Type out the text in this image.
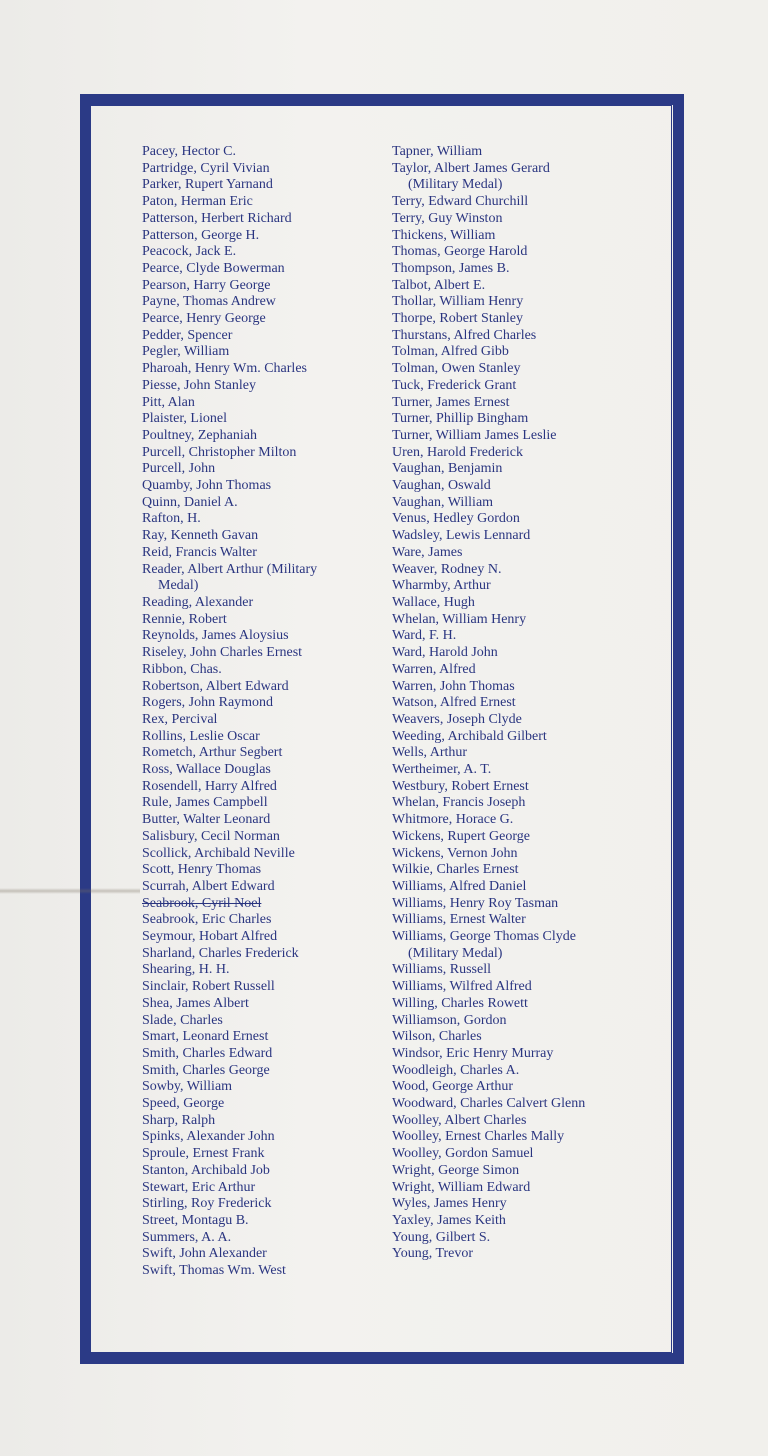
Pacey, Hector C.
Partridge, Cyril Vivian
Parker, Rupert Yarnand
Paton, Herman Eric
Patterson, Herbert Richard
Patterson, George H.
Peacock, Jack E.
Pearce, Clyde Bowerman
Pearson, Harry George
Payne, Thomas Andrew
Pearce, Henry George
Pedder, Spencer
Pegler, William
Pharoah, Henry Wm. Charles
Piesse, John Stanley
Pitt, Alan
Plaister, Lionel
Poultney, Zephaniah
Purcell, Christopher Milton
Purcell, John
Quamby, John Thomas
Quinn, Daniel A.
Rafton, H.
Ray, Kenneth Gavan
Reid, Francis Walter
Reader, Albert Arthur (Military
Medal)
Reading, Alexander
Rennie, Robert
Reynolds, James Aloysius
Riseley, John Charles Ernest
Ribbon, Chas.
Robertson, Albert Edward
Rogers, John Raymond
Rex, Percival
Rollins, Leslie Oscar
Rometch, Arthur Segbert
Ross, Wallace Douglas
Rosendell, Harry Alfred
Rule, James Campbell
Butter, Walter Leonard
Salisbury, Cecil Norman
Scollick, Archibald Neville
Scott, Henry Thomas
Scurrah, Albert Edward
Seabrook, Cyril Noel
Seabrook, Eric Charles
Seymour, Hobart Alfred
Sharland, Charles Frederick
Shearing, H. H.
Sinclair, Robert Russell
Shea, James Albert
Slade, Charles
Smart, Leonard Ernest
Smith, Charles Edward
Smith, Charles George
Sowby, William
Speed, George
Sharp, Ralph
Spinks, Alexander John
Sproule, Ernest Frank
Stanton, Archibald Job
Stewart, Eric Arthur
Stirling, Roy Frederick
Street, Montagu B.
Summers, A. A.
Swift, John Alexander
Swift, Thomas Wm. West
Tapner, William
Taylor, Albert James Gerard
(Military Medal)
Terry, Edward Churchill
Terry, Guy Winston
Thickens, William
Thomas, George Harold
Thompson, James B.
Talbot, Albert E.
Thollar, William Henry
Thorpe, Robert Stanley
Thurstans, Alfred Charles
Tolman, Alfred Gibb
Tolman, Owen Stanley
Tuck, Frederick Grant
Turner, James Ernest
Turner, Phillip Bingham
Turner, William James Leslie
Uren, Harold Frederick
Vaughan, Benjamin
Vaughan, Oswald
Vaughan, William
Venus, Hedley Gordon
Wadsley, Lewis Lennard
Ware, James
Weaver, Rodney N.
Wharmby, Arthur
Wallace, Hugh
Whelan, William Henry
Ward, F. H.
Ward, Harold John
Warren, Alfred
Warren, John Thomas
Watson, Alfred Ernest
Weavers, Joseph Clyde
Weeding, Archibald Gilbert
Wells, Arthur
Wertheimer, A. T.
Westbury, Robert Ernest
Whelan, Francis Joseph
Whitmore, Horace G.
Wickens, Rupert George
Wickens, Vernon John
Wilkie, Charles Ernest
Williams, Alfred Daniel
Williams, Henry Roy Tasman
Williams, Ernest Walter
Williams, George Thomas Clyde
(Military Medal)
Williams, Russell
Williams, Wilfred Alfred
Willing, Charles Rowett
Williamson, Gordon
Wilson, Charles
Windsor, Eric Henry Murray
Woodleigh, Charles A.
Wood, George Arthur
Woodward, Charles Calvert Glenn
Woolley, Albert Charles
Woolley, Ernest Charles Mally
Woolley, Gordon Samuel
Wright, George Simon
Wright, William Edward
Wyles, James Henry
Yaxley, James Keith
Young, Gilbert S.
Young, Trevor
